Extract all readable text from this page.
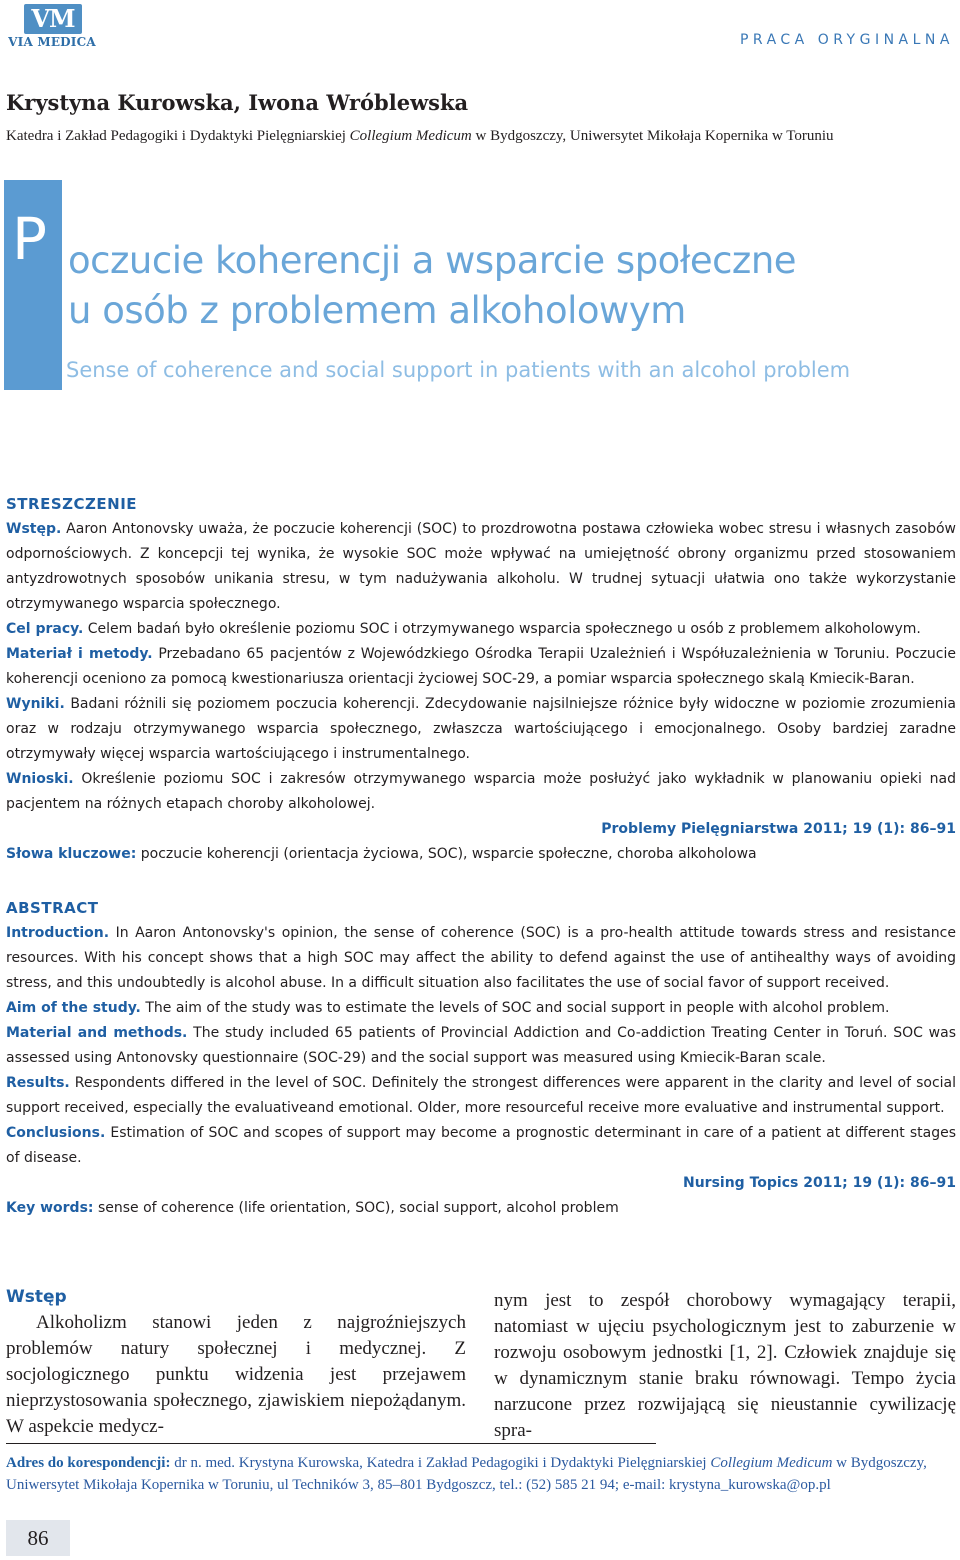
VM
VIA MEDICA	PRACA ORYGINALNA
Krystyna Kurowska, Iwona Wróblewska
Katedra i Zakład Pedagogiki i Dydaktyki Pielęgniarskiej Collegium Medicum w Bydgoszczy, Uniwersytet Mikołaja Kopernika w Toruniu
P oczucie koherencji a wsparcie społeczne
u osób z problemem alkoholowym
Sense of coherence and social support in patients with an alcohol problem
STRESZCZENIE
Wstęp. Aaron Antonovsky uważa, że poczucie koherencji (SOC) to prozdrowotna postawa człowieka wobec stresu i własnych zasobów odpornościowych. Z koncepcji tej wynika, że wysokie SOC może wpływać na umiejętność obrony organizmu przed stosowaniem antyzdrowotnych sposobów unikania stresu, w tym nadużywania alkoholu. W trudnej sytuacji ułatwia ono także wykorzystanie otrzymywanego wsparcia społecznego.
Cel pracy. Celem badań było określenie poziomu SOC i otrzymywanego wsparcia społecznego u osób z problemem alkoholowym.
Materiał i metody. Przebadano 65 pacjentów z Wojewódzkiego Ośrodka Terapii Uzależnień i Współuzależnienia w Toruniu. Poczucie koherencji oceniono za pomocą kwestionariusza orientacji życiowej SOC-29, a pomiar wsparcia społecznego skalą Kmiecik-Baran.
Wyniki. Badani różnili się poziomem poczucia koherencji. Zdecydowanie najsilniejsze różnice były widoczne w poziomie zrozumienia oraz w rodzaju otrzymywanego wsparcia społecznego, zwłaszcza wartościującego i emocjonalnego. Osoby bardziej zaradne otrzymywały więcej wsparcia wartościującego i instrumentalnego.
Wnioski. Określenie poziomu SOC i zakresów otrzymywanego wsparcia może posłużyć jako wykładnik w planowaniu opieki nad pacjentem na różnych etapach choroby alkoholowej.
Problemy Pielęgniarstwa 2011; 19 (1): 86–91
Słowa kluczowe: poczucie koherencji (orientacja życiowa, SOC), wsparcie społeczne, choroba alkoholowa
ABSTRACT
Introduction. In Aaron Antonovsky's opinion, the sense of coherence (SOC) is a pro-health attitude towards stress and resistance resources. With his concept shows that a high SOC may affect the ability to defend against the use of antihealthy ways of avoiding stress, and this undoubtedly is alcohol abuse. In a difficult situation also facilitates the use of social favor of support received.
Aim of the study. The aim of the study was to estimate the levels of SOC and social support in people with alcohol problem.
Material and methods. The study included 65 patients of Provincial Addiction and Co-addiction Treating Center in Toruń. SOC was assessed using Antonovsky questionnaire (SOC-29) and the social support was measured using Kmiecik-Baran scale.
Results. Respondents differed in the level of SOC. Definitely the strongest differences were apparent in the clarity and level of social support received, especially the evaluativeand emotional. Older, more resourceful receive more evaluative and instrumental support.
Conclusions. Estimation of SOC and scopes of support may become a prognostic determinant in care of a patient at different stages of disease.
Nursing Topics 2011; 19 (1): 86–91
Key words: sense of coherence (life orientation, SOC), social support, alcohol problem
Wstęp
Alkoholizm stanowi jeden z najgroźniejszych problemów natury społecznej i medycznej. Z socjologicznego punktu widzenia jest przejawem nieprzystosowania społecznego, zjawiskiem niepożądanym. W aspekcie medycz-
nym jest to zespół chorobowy wymagający terapii, natomiast w ujęciu psychologicznym jest to zaburzenie w rozwoju osobowym jednostki [1, 2]. Człowiek znajduje się w dynamicznym stanie braku równowagi. Tempo życia narzucone przez rozwijającą się nieustannie cywilizację spra-
Adres do korespondencji: dr n. med. Krystyna Kurowska, Katedra i Zakład Pedagogiki i Dydaktyki Pielęgniarskiej Collegium Medicum w Bydgoszczy, Uniwersytet Mikołaja Kopernika w Toruniu, ul Techników 3, 85–801 Bydgoszcz, tel.: (52) 585 21 94; e-mail: krystyna_kurowska@op.pl
86
